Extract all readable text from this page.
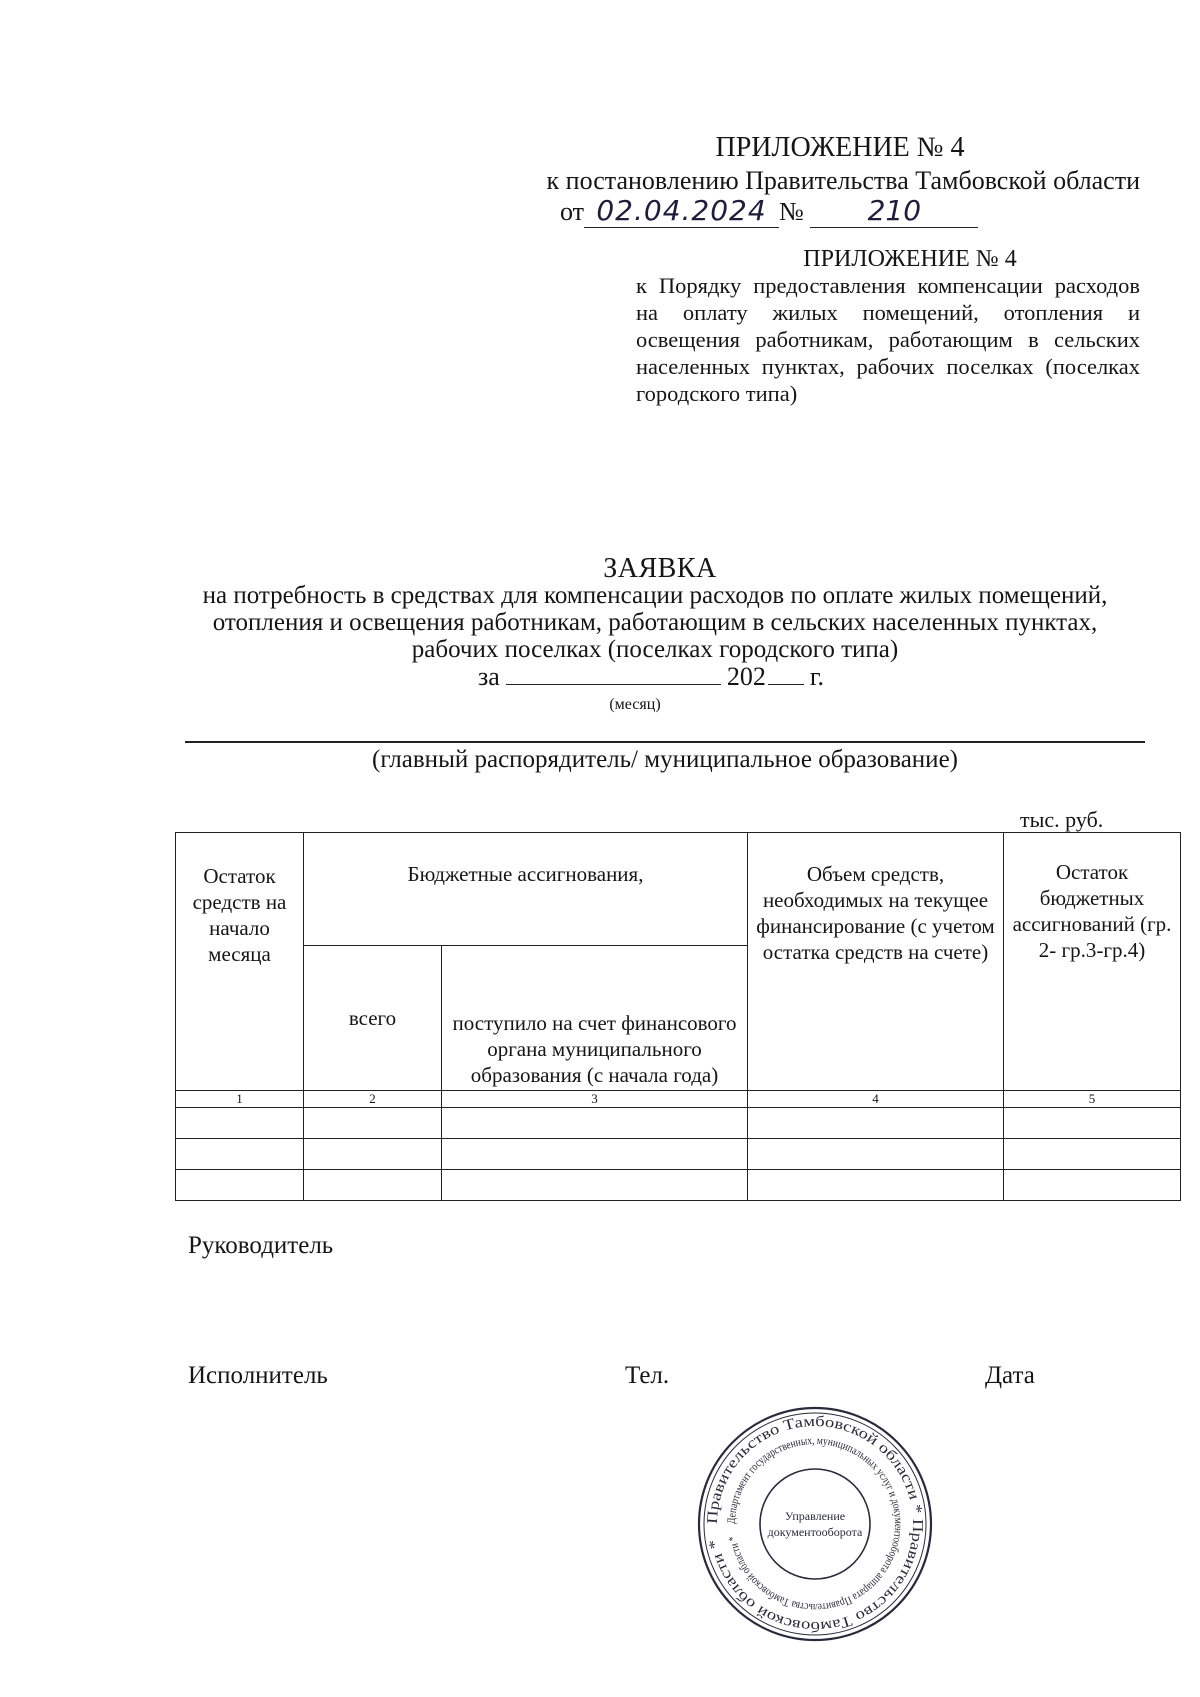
ПРИЛОЖЕНИЕ № 4
к постановлению Правительства Тамбовской области
от 02.04.2024 № 210
ПРИЛОЖЕНИЕ № 4
к Порядку предоставления компенсации расходов на оплату жилых помещений, отопления и освещения работникам, работающим в сельских населенных пунктах, рабочих поселках (поселках городского типа)
ЗАЯВКА
на потребность в средствах для компенсации расходов по оплате жилых помещений, отопления и освещения работникам, работающим в сельских населенных пунктах, рабочих поселках (поселках городского типа)
за	202 г.
(месяц)
(главный распорядитель/ муниципальное образование)
тыс. руб.
Остаток средств на начало месяца	Бюджетные ассигнования,		Объем средств, необходимых на текущее финансирование (с учетом остатка средств на счете)	Остаток бюджетных ассигнований (гр. 2- гр.3-гр.4)
	всего	поступило на счет финансового органа муниципального образования (с начала года)		
1	2	3	4	5

Руководитель
Исполнитель	Тел.	Дата
Правительство Тамбовской области * Правительство Тамбовской области *
Департамент государственных, муниципальных услуг и документооборота аппарата Правительства Тамбовской области *
Управление
документооборота
